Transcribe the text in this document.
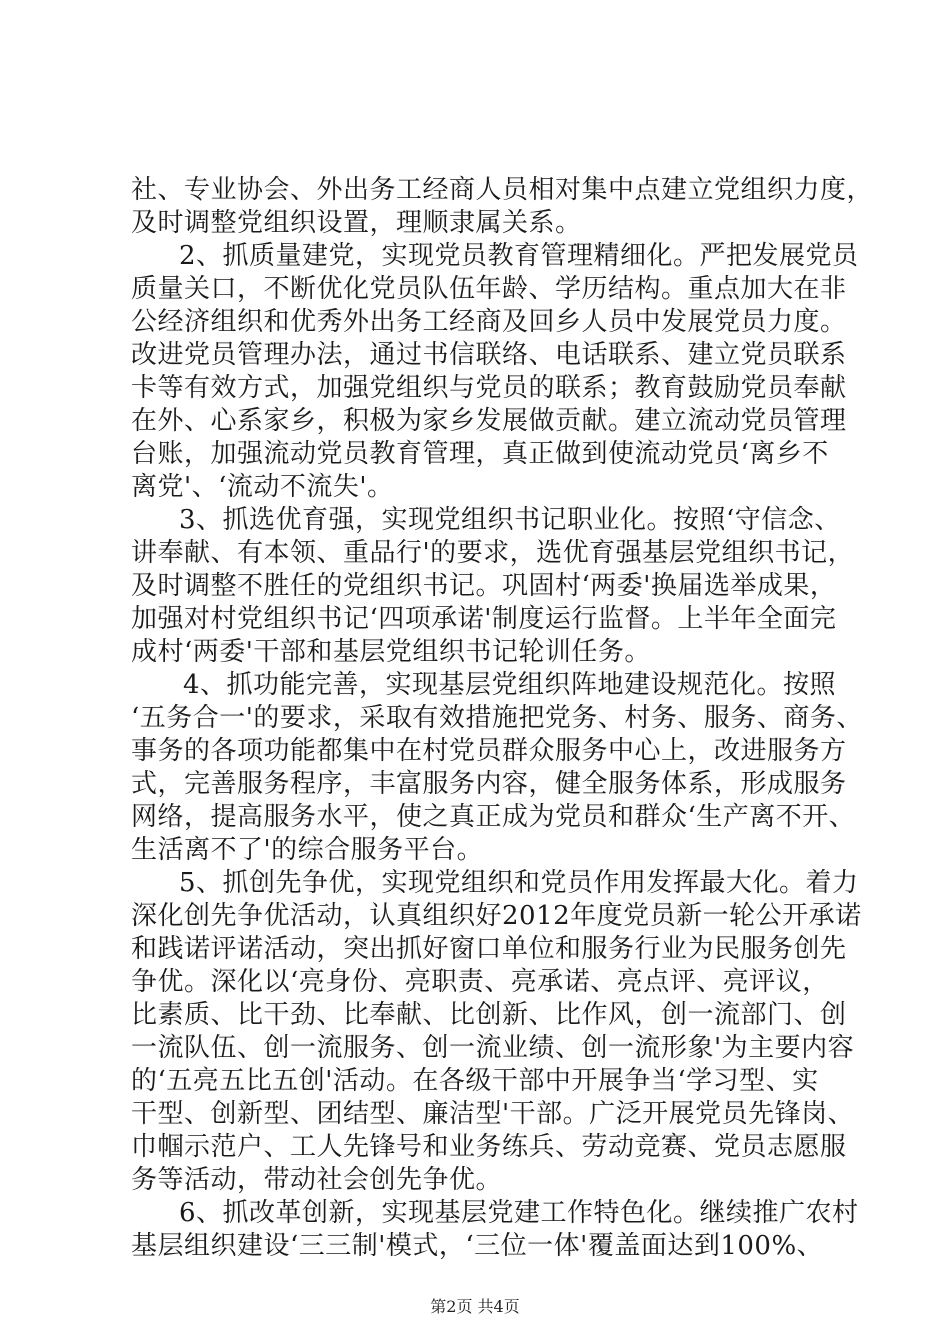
社、专业协会、外出务工经商人员相对集中点建立党组织力度，
及时调整党组织设置，理顺隶属关系。
2、抓质量建党，实现党员教育管理精细化。严把发展党员
质量关口，不断优化党员队伍年龄、学历结构。重点加大在非
公经济组织和优秀外出务工经商及回乡人员中发展党员力度。
改进党员管理办法，通过书信联络、电话联系、建立党员联系
卡等有效方式，加强党组织与党员的联系；教育鼓励党员奉献
在外、心系家乡，积极为家乡发展做贡献。建立流动党员管理
台账，加强流动党员教育管理，真正做到使流动党员‘离乡不
离党'、‘流动不流失'。
3、抓选优育强，实现党组织书记职业化。按照‘守信念、
讲奉献、有本领、重品行'的要求，选优育强基层党组织书记，
及时调整不胜任的党组织书记。巩固村‘两委'换届选举成果，
加强对村党组织书记‘四项承诺'制度运行监督。上半年全面完
成村‘两委'干部和基层党组织书记轮训任务。
4、抓功能完善，实现基层党组织阵地建设规范化。按照
‘五务合一'的要求，采取有效措施把党务、村务、服务、商务、
事务的各项功能都集中在村党员群众服务中心上，改进服务方
式，完善服务程序，丰富服务内容，健全服务体系，形成服务
网络，提高服务水平，使之真正成为党员和群众‘生产离不开、
生活离不了'的综合服务平台。
5、抓创先争优，实现党组织和党员作用发挥最大化。着力
深化创先争优活动，认真组织好2012年度党员新一轮公开承诺
和践诺评诺活动，突出抓好窗口单位和服务行业为民服务创先
争优。深化以‘亮身份、亮职责、亮承诺、亮点评、亮评议，
比素质、比干劲、比奉献、比创新、比作风，创一流部门、创
一流队伍、创一流服务、创一流业绩、创一流形象'为主要内容
的‘五亮五比五创'活动。在各级干部中开展争当‘学习型、实
干型、创新型、团结型、廉洁型'干部。广泛开展党员先锋岗、
巾帼示范户、工人先锋号和业务练兵、劳动竞赛、党员志愿服
务等活动，带动社会创先争优。
6、抓改革创新，实现基层党建工作特色化。继续推广农村
基层组织建设‘三三制'模式，‘三位一体'覆盖面达到100%、
第2页 共4页
